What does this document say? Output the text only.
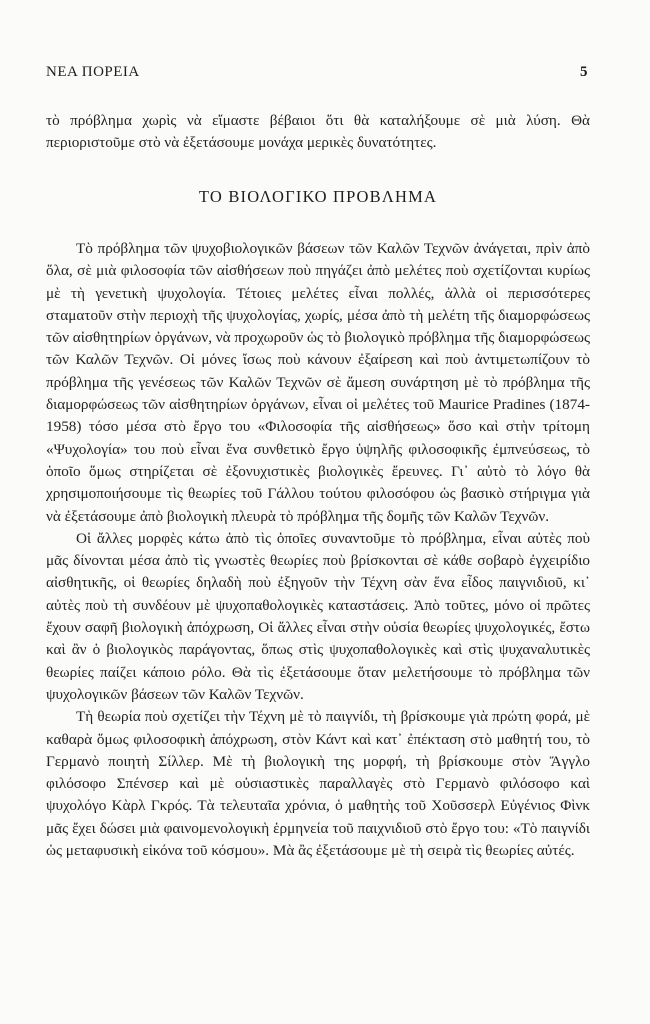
ΝΕΑ ΠΟΡΕΙΑ	5

τὸ πρόβλημα χωρὶς νὰ εἴμαστε βέβαιοι ὅτι θὰ καταλήξουμε σὲ μιὰ λύση. Θὰ περιοριστοῦμε στὸ νὰ ἐξετάσουμε μονάχα μερικὲς δυνατότητες.

ΤΟ ΒΙΟΛΟΓΙΚΟ ΠΡΟΒΛΗΜΑ

Τὸ πρόβλημα τῶν ψυχοβιολογικῶν βάσεων τῶν Καλῶν Τεχνῶν ἀνάγεται, πρὶν ἀπὸ ὅλα, σὲ μιὰ φιλοσοφία τῶν αἰσθήσεων ποὺ πηγάζει ἀπὸ μελέτες ποὺ σχετίζονται κυρίως μὲ τὴ γενετικὴ ψυχολογία. Τέτοιες μελέτες εἶναι πολλές, ἀλλὰ οἱ περισσότερες σταματοῦν στὴν περιοχὴ τῆς ψυχολογίας, χωρίς, μέσα ἀπὸ τὴ μελέτη τῆς διαμορφώσεως τῶν αἰσθητηρίων ὀργάνων, νὰ προχωροῦν ὡς τὸ βιολογικὸ πρόβλημα τῆς διαμορφώσεως τῶν Καλῶν Τεχνῶν. Οἱ μόνες ἴσως ποὺ κάνουν ἐξαίρεση καὶ ποὺ ἀντιμετωπίζουν τὸ πρόβλημα τῆς γενέσεως τῶν Καλῶν Τεχνῶν σὲ ἄμεση συνάρτηση μὲ τὸ πρόβλημα τῆς διαμορφώσεως τῶν αἰσθητηρίων ὀργάνων, εἶναι οἱ μελέτες τοῦ Maurice Pradines (1874-1958) τόσο μέσα στὸ ἔργο του «Φιλοσοφία τῆς αἰσθήσεως» ὅσο καὶ στὴν τρίτομη «Ψυχολογία» του ποὺ εἶναι ἕνα συνθετικὸ ἔργο ὑψηλῆς φιλοσοφικῆς ἐμπνεύσεως, τὸ ὁποῖο ὅμως στηρίζεται σὲ ἐξονυχιστικὲς βιολογικὲς ἔρευνες. Γι᾿ αὐτὸ τὸ λόγο θὰ χρησιμοποιήσουμε τὶς θεωρίες τοῦ Γάλλου τούτου φιλοσόφου ὡς βασικὸ στήριγμα γιὰ νὰ ἐξετάσουμε ἀπὸ βιολογικὴ πλευρὰ τὸ πρόβλημα τῆς δομῆς τῶν Καλῶν Τεχνῶν.

Οἱ ἄλλες μορφὲς κάτω ἀπὸ τὶς ὁποῖες συναντοῦμε τὸ πρόβλημα, εἶναι αὐτὲς ποὺ μᾶς δίνονται μέσα ἀπὸ τὶς γνωστὲς θεωρίες ποὺ βρίσκονται σὲ κάθε σοβαρὸ ἐγχειρίδιο αἰσθητικῆς, οἱ θεωρίες δηλαδὴ ποὺ ἐξηγοῦν τὴν Τέχνη σὰν ἕνα εἶδος παιγνιδιοῦ, κι᾿ αὐτὲς ποὺ τὴ συνδέουν μὲ ψυχοπαθολογικὲς καταστάσεις. Ἀπὸ τοῦτες, μόνο οἱ πρῶτες ἔχουν σαφῆ βιολογικὴ ἀπόχρωση, Οἱ ἄλλες εἶναι στὴν οὐσία θεωρίες ψυχολογικές, ἔστω καὶ ἂν ὁ βιολογικὸς παράγοντας, ὅπως στὶς ψυχοπαθολογικὲς καὶ στὶς ψυχαναλυτικὲς θεωρίες παίζει κάποιο ρόλο. Θὰ τὶς ἐξετάσουμε ὅταν μελετήσουμε τὸ πρόβλημα τῶν ψυχολογικῶν βάσεων τῶν Καλῶν Τεχνῶν.

Τὴ θεωρία ποὺ σχετίζει τὴν Τέχνη μὲ τὸ παιγνίδι, τὴ βρίσκουμε γιὰ πρώτη φορά, μὲ καθαρὰ ὅμως φιλοσοφικὴ ἀπόχρωση, στὸν Κάντ καὶ κατ᾿ ἐπέκταση στὸ μαθητή του, τὸ Γερμανὸ ποιητὴ Σίλλερ. Μὲ τὴ βιολογικὴ της μορφή, τὴ βρίσκουμε στὸν Ἄγγλο φιλόσοφο Σπένσερ καὶ μὲ οὐσιαστικὲς παραλλαγὲς στὸ Γερμανὸ φιλόσοφο καὶ ψυχολόγο Κὰρλ Γκρός. Τὰ τελευταῖα χρόνια, ὁ μαθητὴς τοῦ Χοῦσσερλ Εὐγένιος Φὶνκ μᾶς ἔχει δώσει μιὰ φαινομενολογικὴ ἑρμηνεία τοῦ παιχνιδιοῦ στὸ ἔργο του: «Τὸ παιγνίδι ὡς μεταφυσικὴ εἰκόνα τοῦ κόσμου». Μὰ ἂς ἐξετάσουμε μὲ τὴ σειρὰ τὶς θεωρίες αὐτές.
